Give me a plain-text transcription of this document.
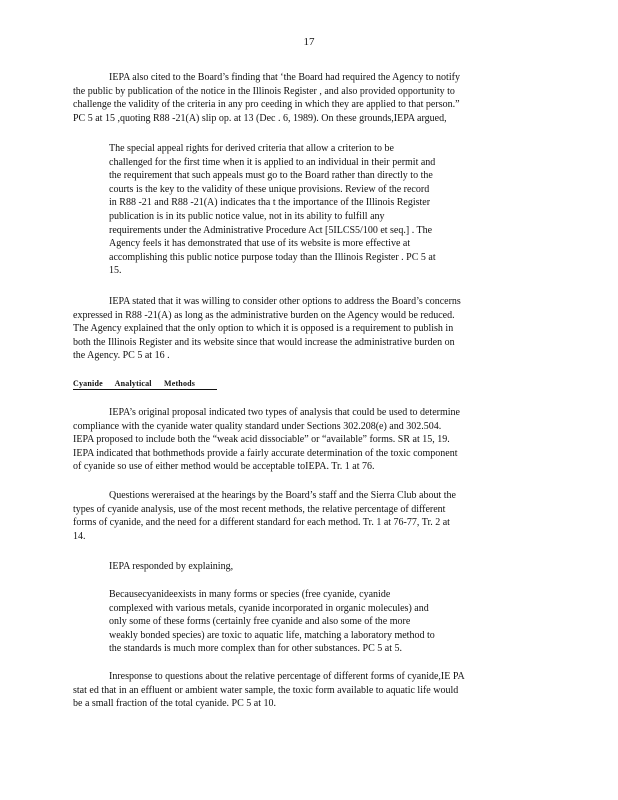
17
IEPA also cited to the Board’s finding that ‘the Board had required the Agency to notify
the public by publication of the notice in the Illinois Register , and also provided opportunity to
challenge the validity of the criteria in any pro ceeding in which they are applied to that person.”
PC 5 at 15 ,quoting R88 -21(A) slip op. at 13 (Dec . 6, 1989). On these grounds,IEPA argued,
The special appeal rights for derived criteria that allow a criterion to be
challenged for the first time when it is applied to an individual in their permit and
the requirement that such appeals must go to the Board rather than directly to the
courts is the key to the validity of these unique provisions. Review of the record
in R88 -21 and R88 -21(A) indicates tha t the importance of the Illinois Register
publication is in its public notice value, not in its ability to fulfill any
requirements under the Administrative Procedure Act [5ILCS5/100 et seq.] . The
Agency feels it has demonstrated that use of its website is more effective at
accomplishing this public notice purpose today than the Illinois Register . PC 5 at
15.
IEPA stated that it was willing to consider other options to address the Board’s concerns
expressed in R88 -21(A) as long as the administrative burden on the Agency would be reduced.
The Agency explained that the only option to which it is opposed is a requirement to publish in
both the Illinois Register and its website since that would increase the administrative burden on
the Agency. PC 5 at 16 .
Cyanide Analytical Methods
IEPA’s original proposal indicated two types of analysis that could be used to determine
compliance with the cyanide water quality standard under Sections 302.208(e) and 302.504.
IEPA proposed to include both the “weak acid dissociable” or “available” forms. SR at 15, 19.
IEPA indicated that bothmethods provide a fairly accurate determination of the toxic component
of cyanide so use of either method would be acceptable toIEPA. Tr. 1 at 76.
Questions wereraised at the hearings by the Board’s staff and the Sierra Club about the
types of cyanide analysis, use of the most recent methods, the relative percentage of different
forms of cyanide, and the need for a different standard for each method. Tr. 1 at 76-77, Tr. 2 at
14.
IEPA responded by explaining,
Becausecyanideexists in many forms or species (free cyanide, cyanide
complexed with various metals, cyanide incorporated in organic molecules) and
only some of these forms (certainly free cyanide and also some of the more
weakly bonded species) are toxic to aquatic life, matching a laboratory method to
the standards is much more complex than for other substances. PC 5 at 5.
Inresponse to questions about the relative percentage of different forms of cyanide,IE PA
stat ed that in an effluent or ambient water sample, the toxic form available to aquatic life would
be a small fraction of the total cyanide. PC 5 at 10.
